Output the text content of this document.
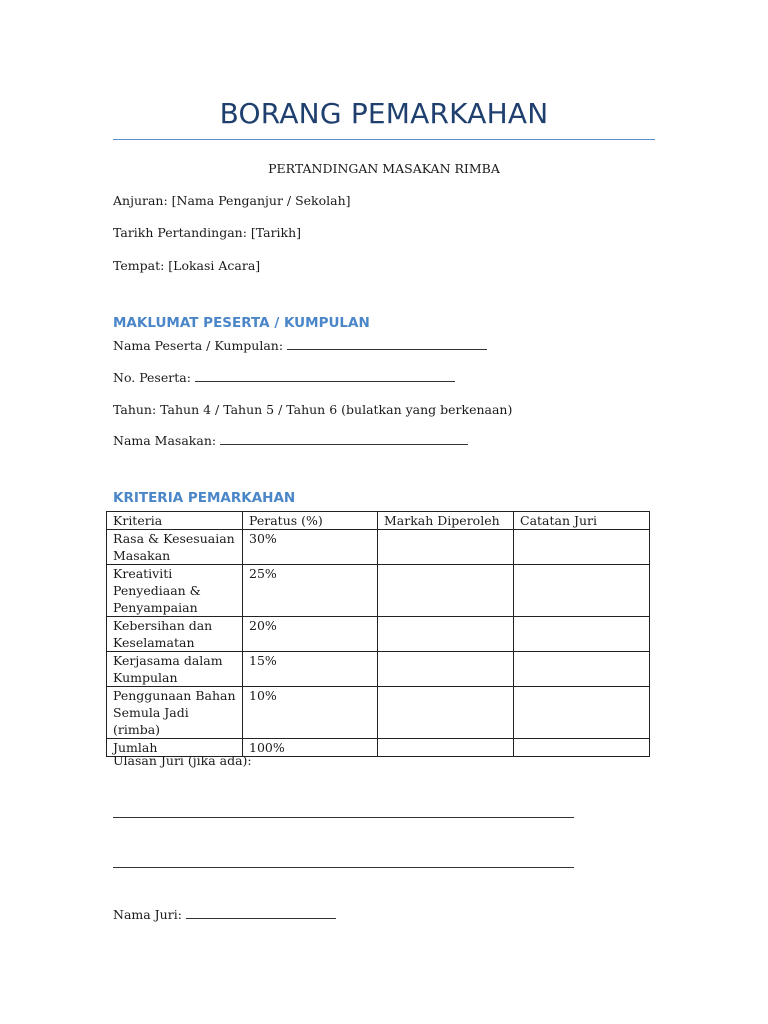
BORANG PEMARKAHAN
PERTANDINGAN MASAKAN RIMBA
Anjuran: [Nama Penganjur / Sekolah]
Tarikh Pertandingan: [Tarikh]
Tempat: [Lokasi Acara]
MAKLUMAT PESERTA / KUMPULAN
Nama Peserta / Kumpulan:
No. Peserta:
Tahun: Tahun 4 / Tahun 5 / Tahun 6 (bulatkan yang berkenaan)
Nama Masakan:
KRITERIA PEMARKAHAN
Kriteria	Peratus (%)	Markah Diperoleh	Catatan Juri
Rasa & Kesesuaian Masakan	30%		
Kreativiti Penyediaan & Penyampaian	25%		
Kebersihan dan Keselamatan	20%		
Kerjasama dalam Kumpulan	15%		
Penggunaan Bahan Semula Jadi (rimba)	10%		
Jumlah	100%		
Ulasan Juri (jika ada):
Nama Juri:
